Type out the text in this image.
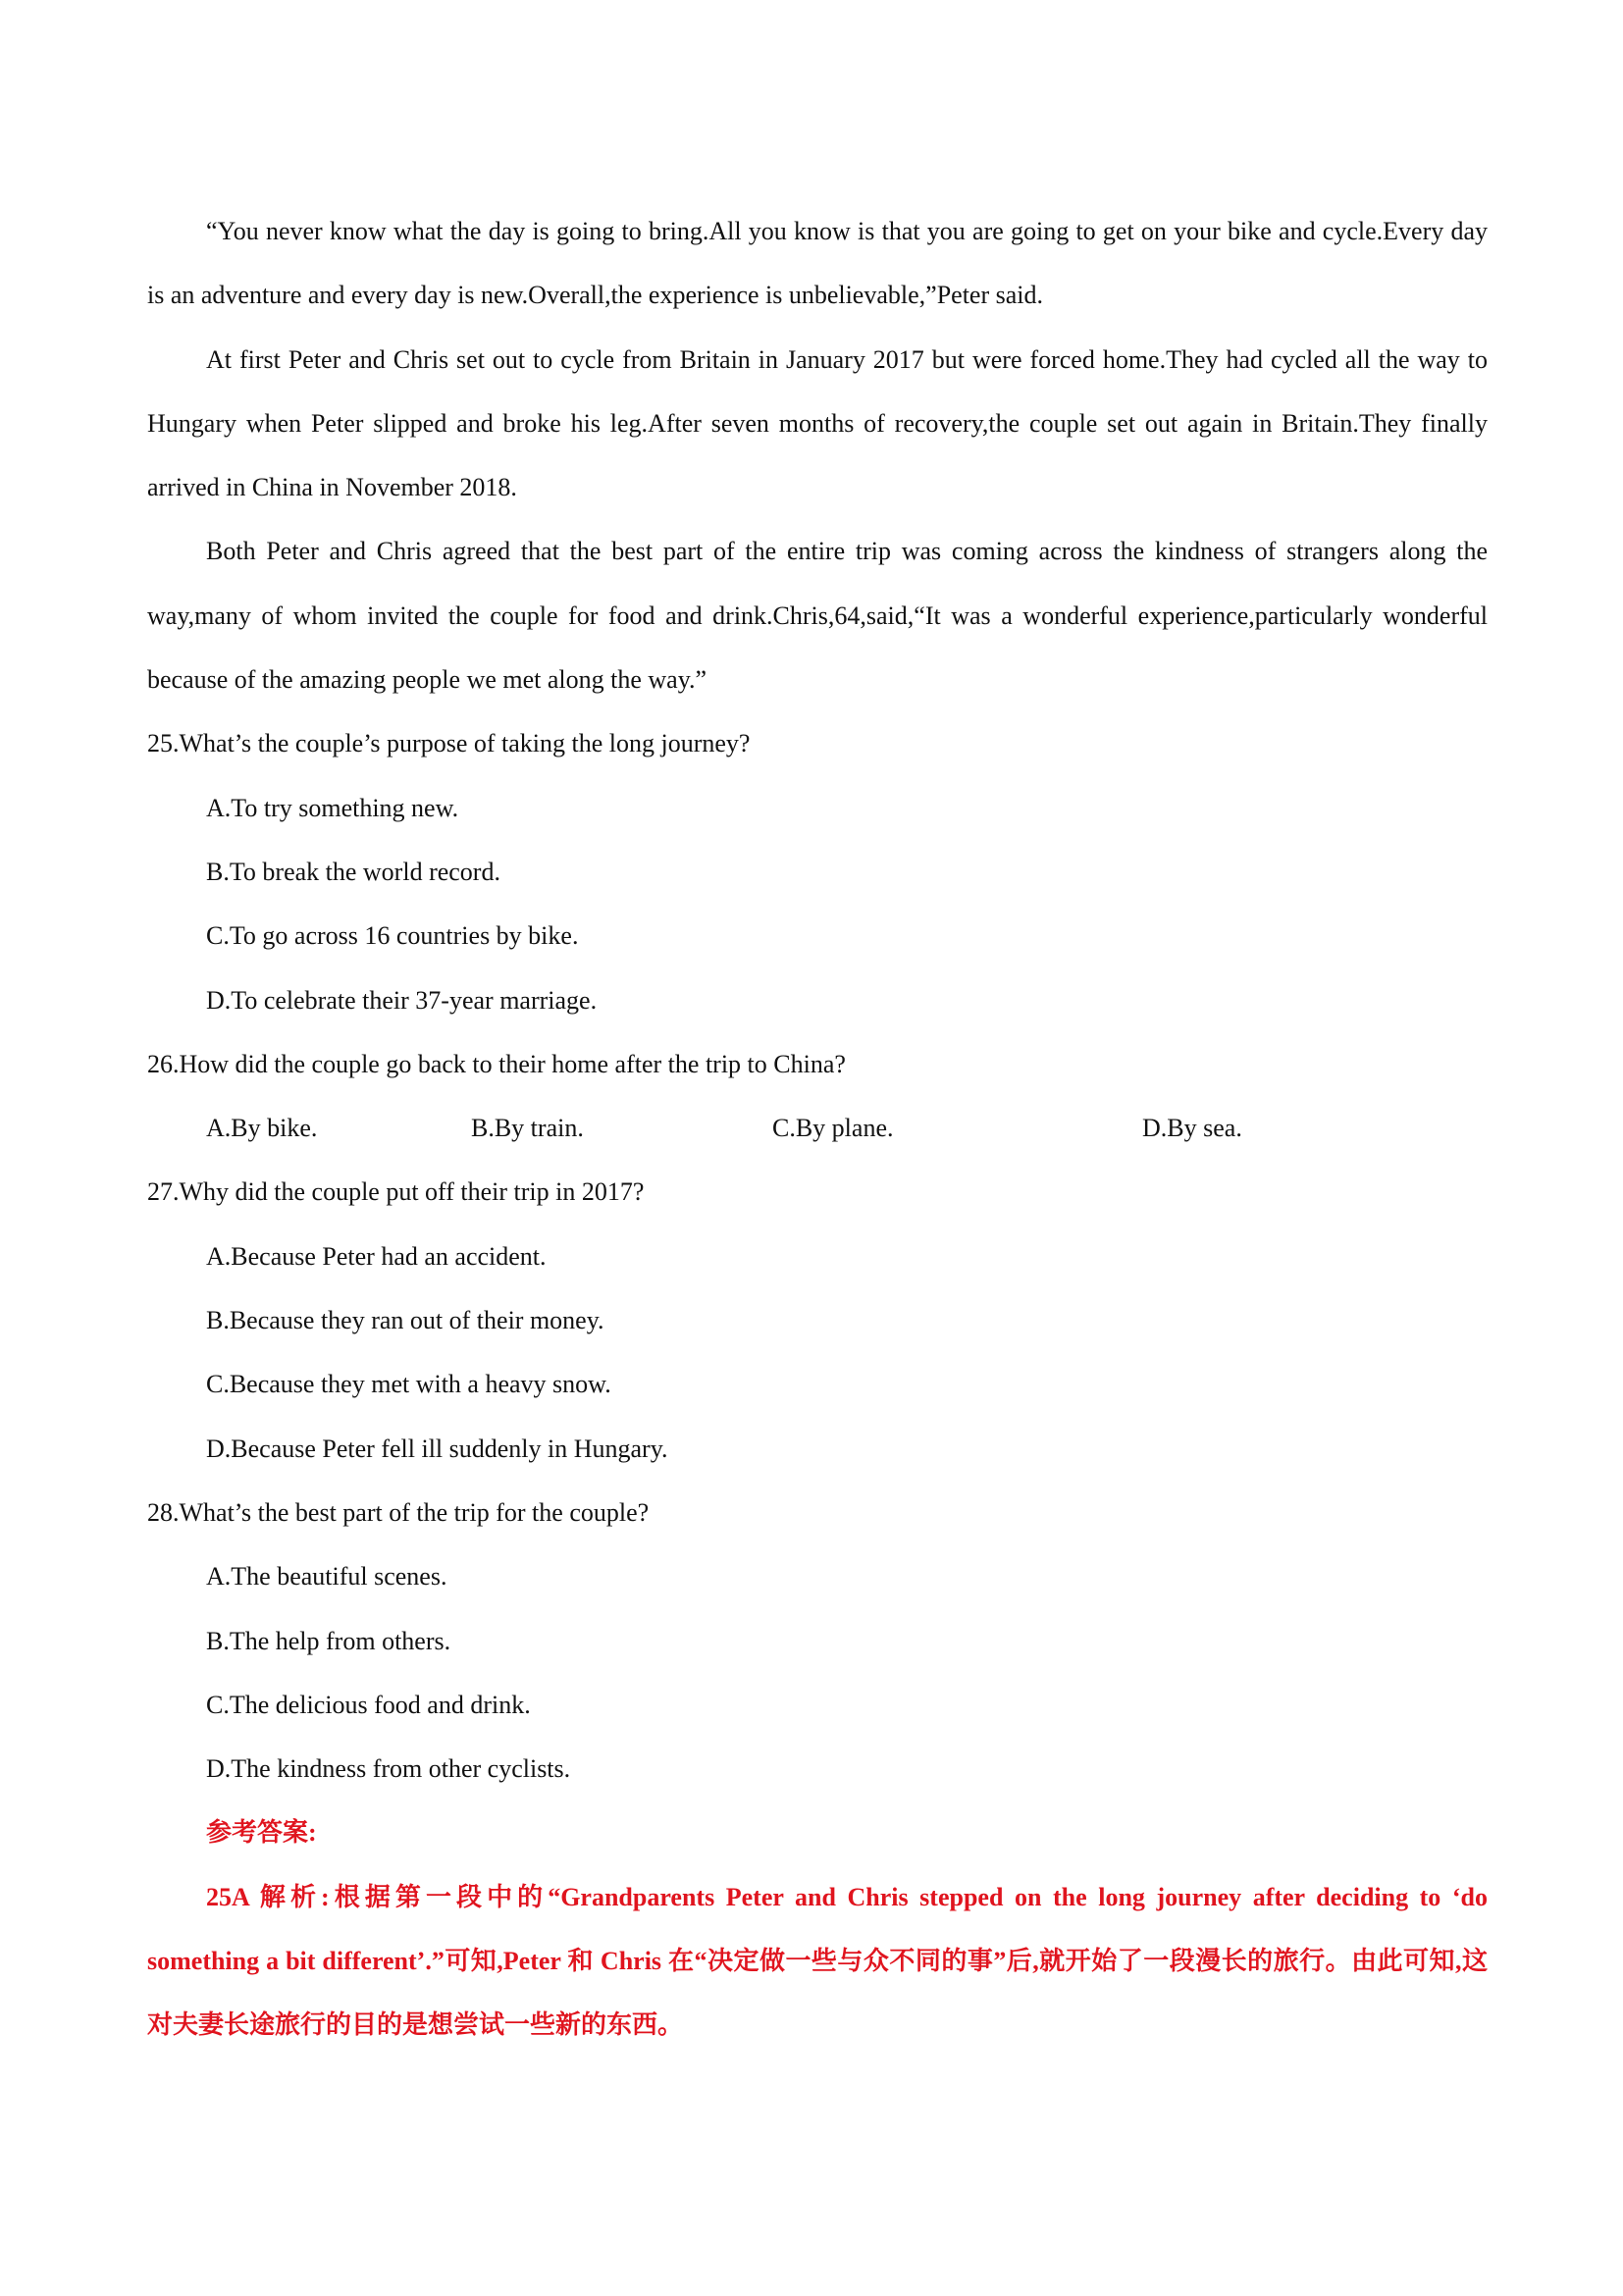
“You never know what the day is going to bring.All you know is that you are going to get on your bike and cycle.Every day is an adventure and every day is new.Overall,the experience is unbelievable,”Peter said.

At first Peter and Chris set out to cycle from Britain in January 2017 but were forced home.They had cycled all the way to Hungary when Peter slipped and broke his leg.After seven months of recovery,the couple set out again in Britain.They finally arrived in China in November 2018.

Both Peter and Chris agreed that the best part of the entire trip was coming across the kindness of strangers along the way,many of whom invited the couple for food and drink.Chris,64,said,“It was a wonderful experience,particularly wonderful because of the amazing people we met along the way.”

25.What’s the couple’s purpose of taking the long journey?

A.To try something new.

B.To break the world record.

C.To go across 16 countries by bike.

D.To celebrate their 37-year marriage.

26.How did the couple go back to their home after the trip to China?

A.By bike.	B.By train.	C.By plane.	D.By sea.

27.Why did the couple put off their trip in 2017?

A.Because Peter had an accident.

B.Because they ran out of their money.

C.Because they met with a heavy snow.

D.Because Peter fell ill suddenly in Hungary.

28.What’s the best part of the trip for the couple?

A.The beautiful scenes.

B.The help from others.

C.The delicious food and drink.

D.The kindness from other cyclists.

参考答案:

25A 解析:根据第一段中的“Grandparents Peter and Chris stepped on the long journey after deciding to ‘do something a bit different’.”可知,Peter 和 Chris 在“决定做一些与众不同的事”后,就开始了一段漫长的旅行。由此可知,这对夫妻长途旅行的目的是想尝试一些新的东西。
